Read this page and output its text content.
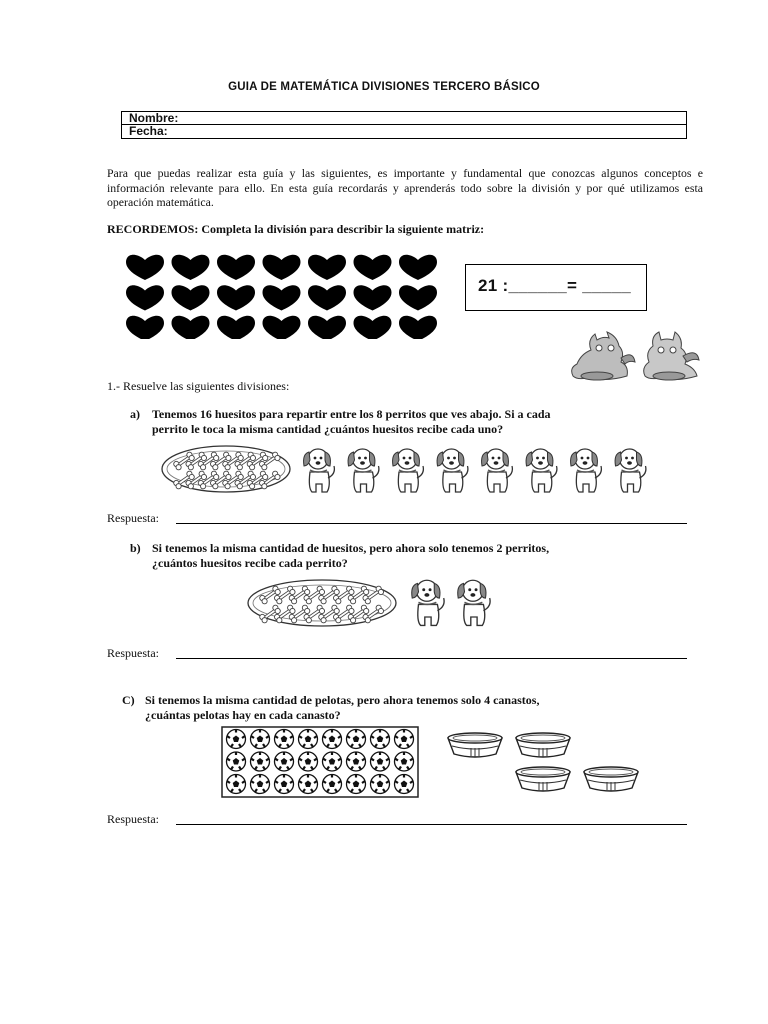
GUIA DE MATEMÁTICA DIVISIONES TERCERO BÁSICO
Nombre:
Fecha:
Para que puedas realizar esta guía y las siguientes, es importante y fundamental que conozcas algunos conceptos e información relevante para ello. En esta guía recordarás y aprenderás todo sobre la división y por qué utilizamos esta operación matemática.
RECORDEMOS: Completa la división para describir la siguiente matriz:
21 :______= _____
1.- Resuelve las siguientes divisiones:
a) Tenemos 16 huesitos para repartir entre los 8 perritos que ves abajo. Si a cada
perrito le toca la misma cantidad ¿cuántos huesitos recibe cada uno?
Respuesta:
b) Si tenemos la misma cantidad de huesitos, pero ahora solo tenemos 2 perritos,
¿cuántos huesitos recibe cada perrito?
Respuesta:
C) Si tenemos la misma cantidad de pelotas, pero ahora tenemos solo 4 canastos,
¿cuántas pelotas hay en cada canasto?
Respuesta:
